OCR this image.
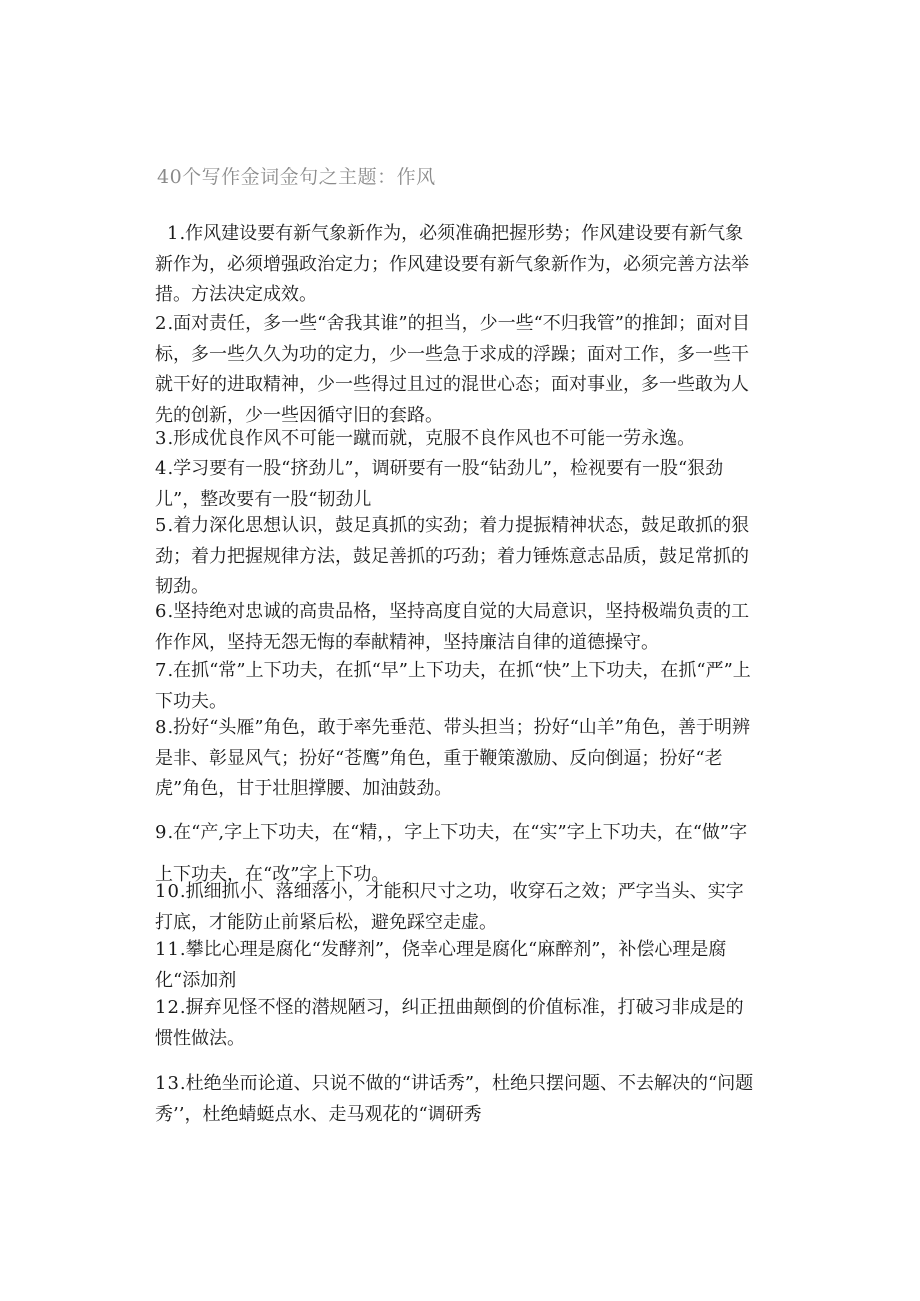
40个写作金词金句之主题：作风

1.作风建设要有新气象新作为，必须准确把握形势；作风建设要有新气象新作为，必须增强政治定力；作风建设要有新气象新作为，必须完善方法举措。方法决定成效。

2.面对责任，多一些“舍我其谁”的担当，少一些“不归我管”的推卸；面对目标，多一些久久为功的定力，少一些急于求成的浮躁；面对工作，多一些干就干好的进取精神，少一些得过且过的混世心态；面对事业，多一些敢为人先的创新，少一些因循守旧的套路。

3.形成优良作风不可能一蹴而就，克服不良作风也不可能一劳永逸。

4.学习要有一股“挤劲儿”，调研要有一股“钻劲儿”，检视要有一股“狠劲儿”，整改要有一股“韧劲儿

5.着力深化思想认识，鼓足真抓的实劲；着力提振精神状态，鼓足敢抓的狠劲；着力把握规律方法，鼓足善抓的巧劲；着力锤炼意志品质，鼓足常抓的韧劲。

6.坚持绝对忠诚的高贵品格，坚持高度自觉的大局意识，坚持极端负责的工作作风，坚持无怨无悔的奉献精神，坚持廉洁自律的道德操守。

7.在抓“常”上下功夫，在抓“早”上下功夫，在抓“快”上下功夫，在抓“严”上下功夫。

8.扮好“头雁”角色，敢于率先垂范、带头担当；扮好“山羊”角色，善于明辨是非、彰显风气；扮好“苍鹰”角色，重于鞭策激励、反向倒逼；扮好“老虎”角色，甘于壮胆撑腰、加油鼓劲。

9.在“产,字上下功夫，在“精，，字上下功夫，在“实”字上下功夫，在“做”字上下功夫，在“改”字上下功。

10.抓细抓小、落细落小，才能积尺寸之功，收穿石之效；严字当头、实字打底，才能防止前紧后松，避免踩空走虚。

11.攀比心理是腐化“发酵剂”，侥幸心理是腐化“麻醉剂”，补偿心理是腐化“添加剂

12.摒弃见怪不怪的潜规陋习，纠正扭曲颠倒的价值标准，打破习非成是的惯性做法。

13.杜绝坐而论道、只说不做的“讲话秀”，杜绝只摆问题、不去解决的“问题秀’’，杜绝蜻蜓点水、走马观花的“调研秀
